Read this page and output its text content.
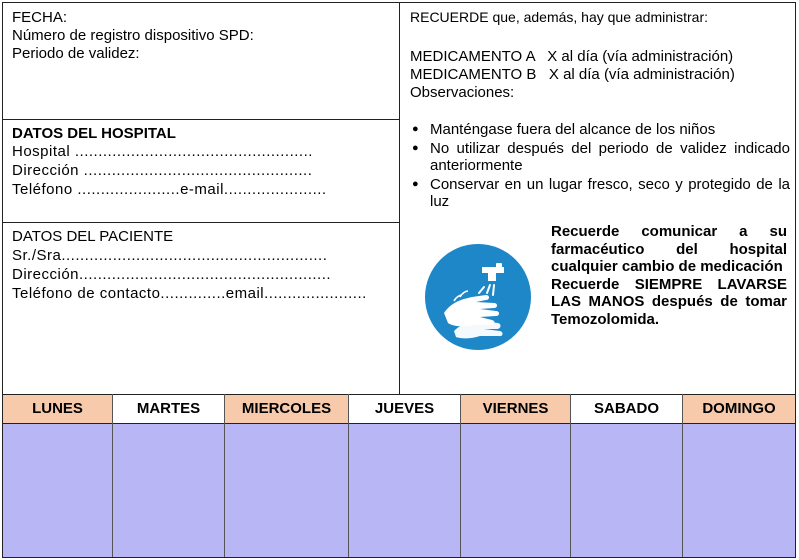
FECHA:
Número de registro dispositivo SPD:
Periodo de validez:
DATOS DEL HOSPITAL
Hospital ...................................................
Dirección .................................................
Teléfono ......................e-mail......................
DATOS DEL PACIENTE
Sr./Sra.........................................................
Dirección......................................................
Teléfono de contacto..............email......................
RECUERDE que, además, hay que administrar:
MEDICAMENTO A   X al día (vía administración)
MEDICAMENTO B   X al día (vía administración)
Observaciones:
● Manténgase fuera del alcance de los niños
● No utilizar después del periodo de validez indicado anteriormente
● Conservar en un lugar fresco, seco y protegido de la luz

Recuerde comunicar a su farmacéutico del hospital cualquier cambio de medicación

Recuerde SIEMPRE LAVARSE LAS MANOS después de tomar Temozolomida.

LUNES	MARTES	MIERCOLES	JUEVES	VIERNES	SABADO	DOMINGO
